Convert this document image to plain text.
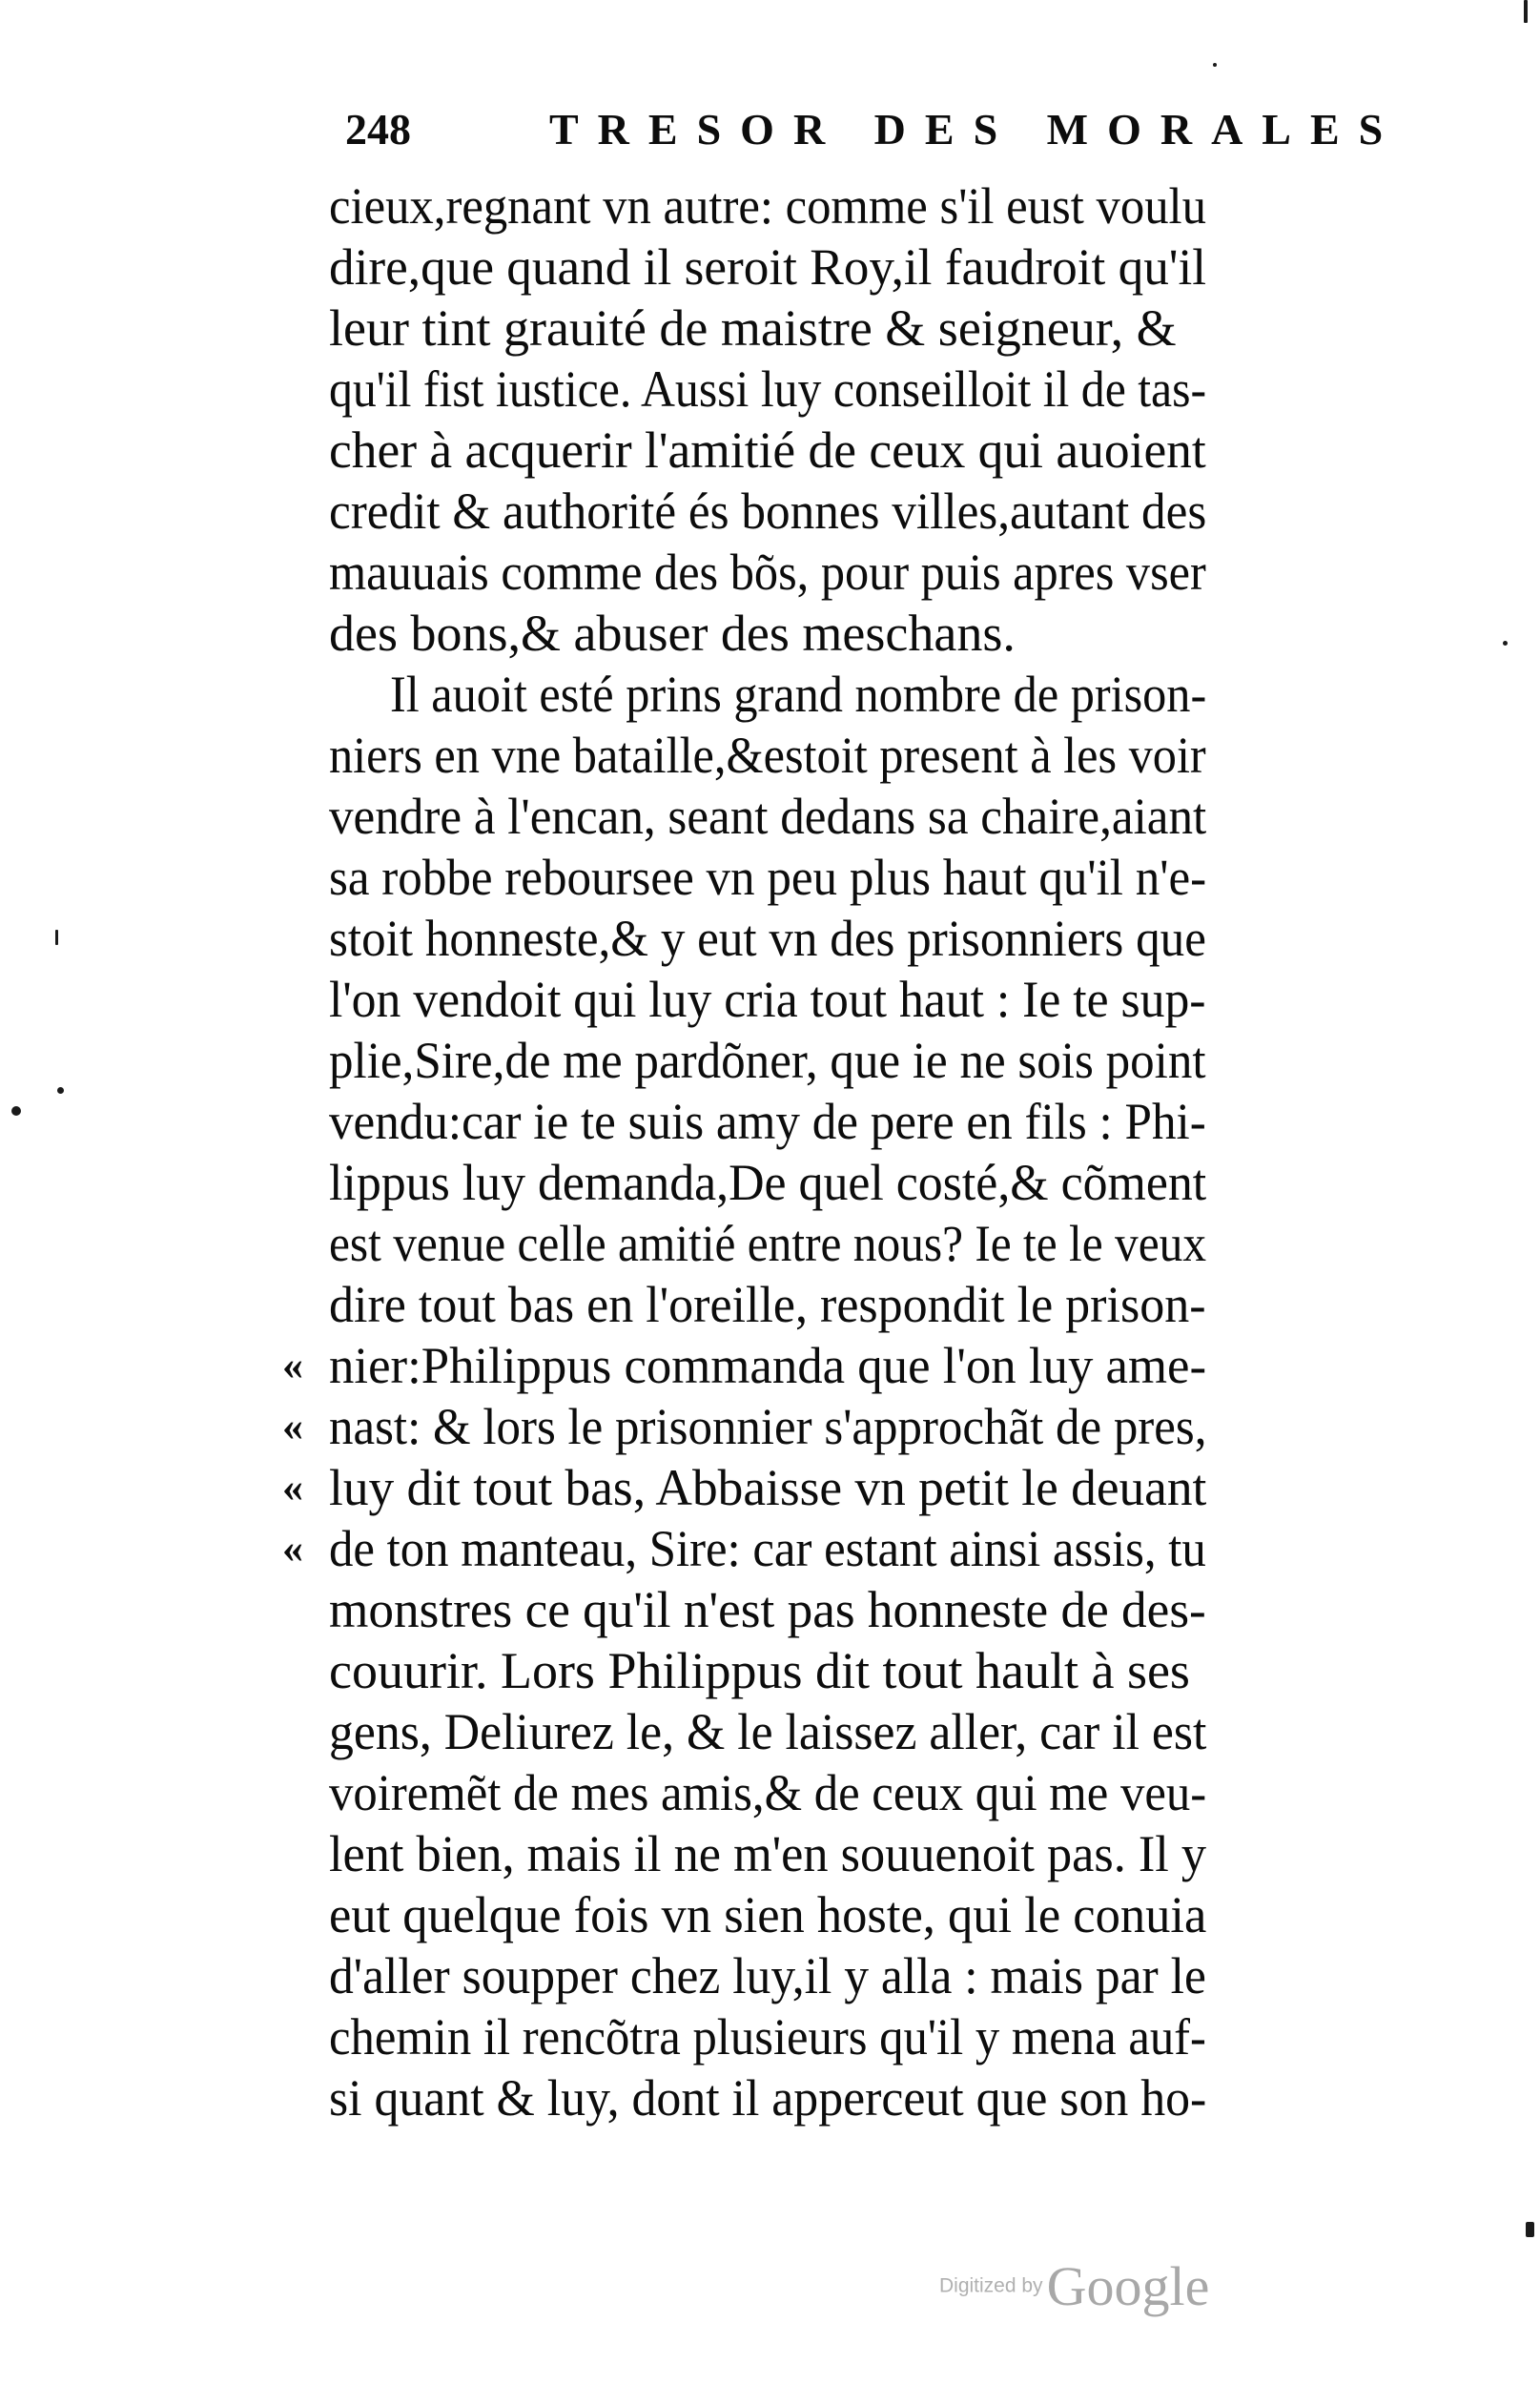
248	TRESOR DES MORALES
cieux,regnant vn autre: comme s'il eust voulu
dire,que quand il seroit Roy,il faudroit qu'il
leur tint grauité de maistre & seigneur, &
qu'il fist iustice. Aussi luy conseilloit il de tas-
cher à acquerir l'amitié de ceux qui auoient
credit & authorité és bonnes villes,autant des
mauuais comme des bõs, pour puis apres vser
des bons,& abuser des meschans.
Il auoit esté prins grand nombre de prison-
niers en vne bataille,&estoit present à les voir
vendre à l'encan, seant dedans sa chaire,aiant
sa robbe reboursee vn peu plus haut qu'il n'e-
stoit honneste,& y eut vn des prisonniers que
l'on vendoit qui luy cria tout haut : Ie te sup-
plie,Sire,de me pardõner, que ie ne sois point
vendu:car ie te suis amy de pere en fils : Phi-
lippus luy demanda,De quel costé,& cõment
est venue celle amitié entre nous? Ie te le veux
dire tout bas en l'oreille, respondit le prison-
nier:Philippus commanda que l'on luy ame-
nast: & lors le prisonnier s'approchãt de pres,
luy dit tout bas, Abbaisse vn petit le deuant
de ton manteau, Sire: car estant ainsi assis, tu
monstres ce qu'il n'est pas honneste de des-
couurir. Lors Philippus dit tout hault à ses
gens, Deliurez le, & le laissez aller, car il est
voiremẽt de mes amis,& de ceux qui me veu-
lent bien, mais il ne m'en souuenoit pas. Il y
eut quelque fois vn sien hoste, qui le conuia
d'aller soupper chez luy,il y alla : mais par le
chemin il rencõtra plusieurs qu'il y mena auf-
si quant & luy, dont il apperceut que son ho-
«
«
«
«
Digitized by Google
